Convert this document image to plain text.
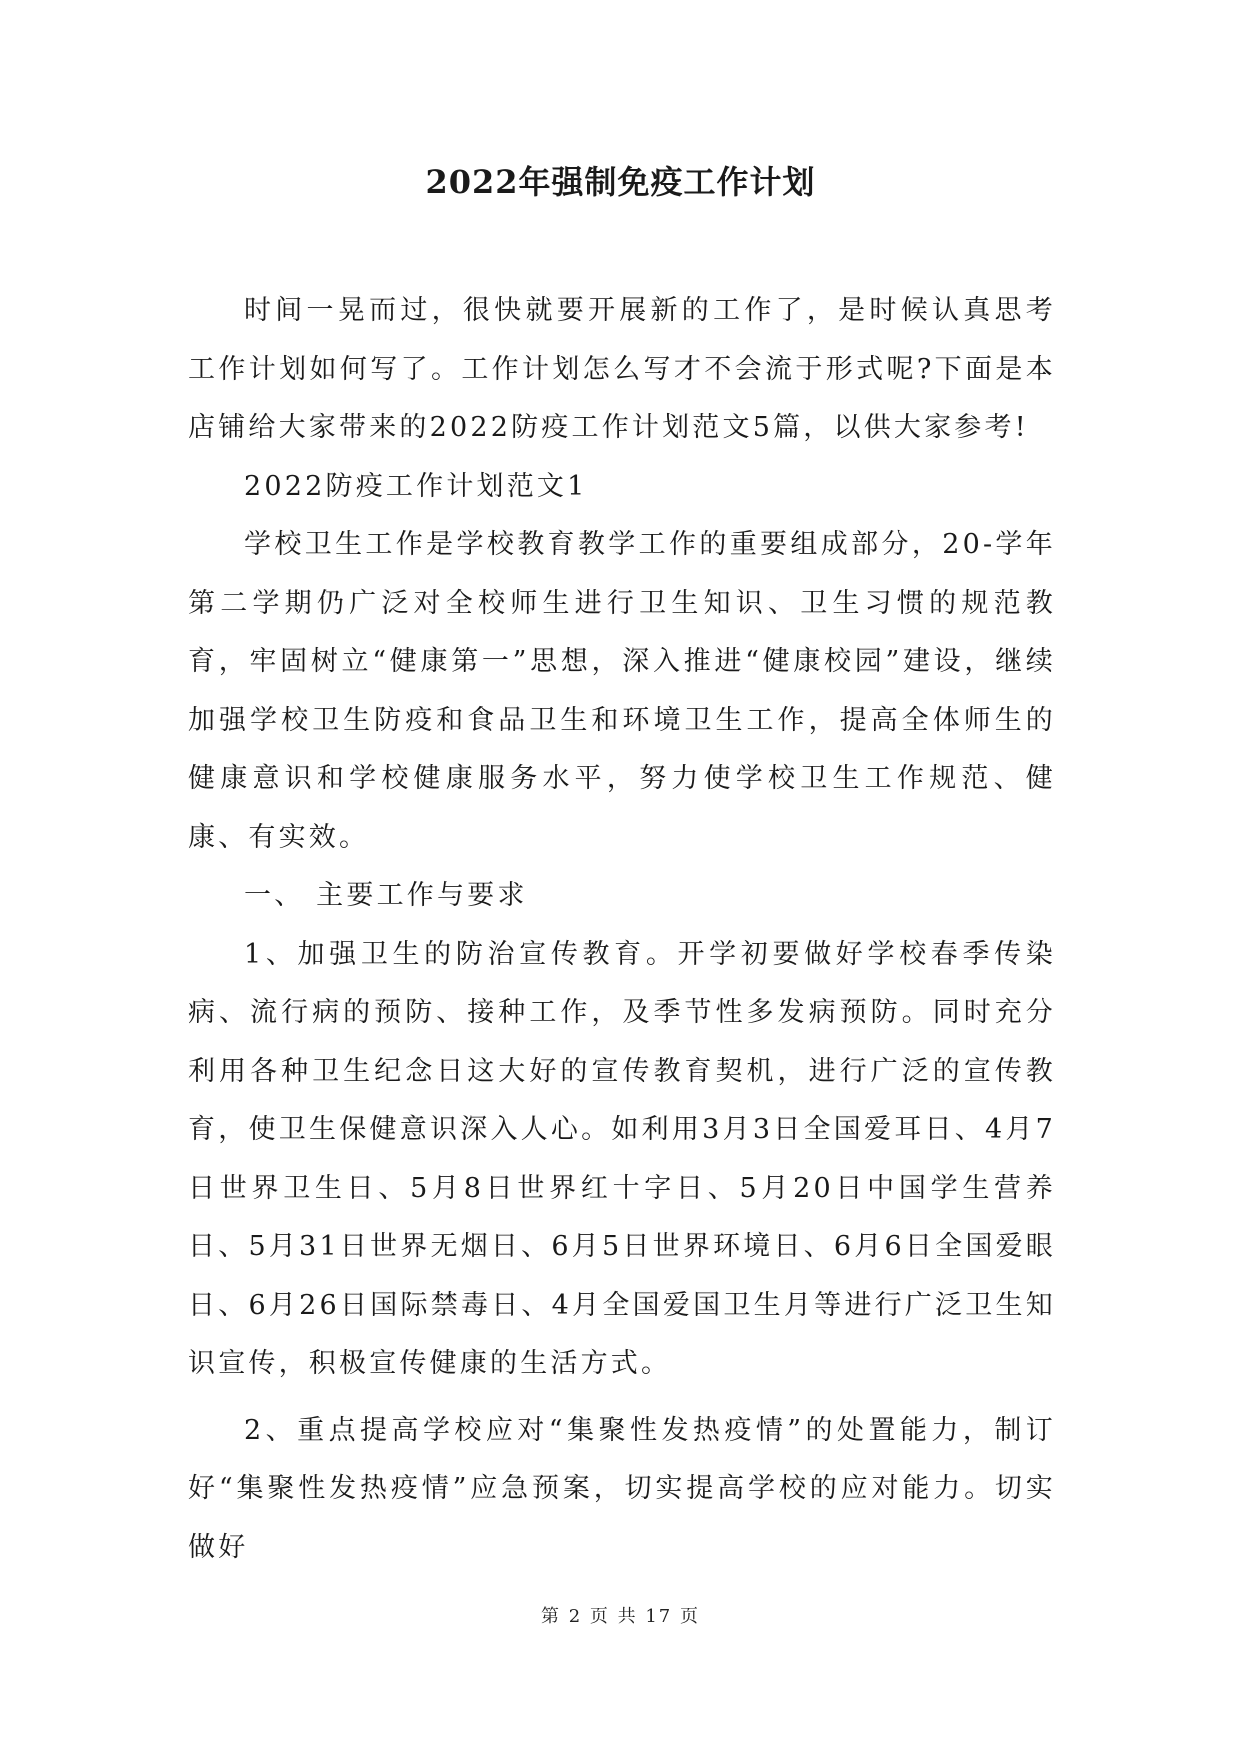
2022年强制免疫工作计划

时间一晃而过，很快就要开展新的工作了，是时候认真思考工作计划如何写了。工作计划怎么写才不会流于形式呢?下面是本店铺给大家带来的2022防疫工作计划范文5篇，以供大家参考!

2022防疫工作计划范文1

学校卫生工作是学校教育教学工作的重要组成部分，20-学年第二学期仍广泛对全校师生进行卫生知识、卫生习惯的规范教育，牢固树立“健康第一”思想，深入推进“健康校园”建设，继续加强学校卫生防疫和食品卫生和环境卫生工作，提高全体师生的健康意识和学校健康服务水平，努力使学校卫生工作规范、健康、有实效。

一、 主要工作与要求

1、加强卫生的防治宣传教育。开学初要做好学校春季传染病、流行病的预防、接种工作，及季节性多发病预防。同时充分利用各种卫生纪念日这大好的宣传教育契机，进行广泛的宣传教育，使卫生保健意识深入人心。如利用3月3日全国爱耳日、4月7日世界卫生日、5月8日世界红十字日、5月20日中国学生营养日、5月31日世界无烟日、6月5日世界环境日、6月6日全国爱眼日、6月26日国际禁毒日、4月全国爱国卫生月等进行广泛卫生知识宣传，积极宣传健康的生活方式。

2、重点提高学校应对“集聚性发热疫情”的处置能力，制订好“集聚性发热疫情”应急预案，切实提高学校的应对能力。切实做好

第 2 页 共 17 页
